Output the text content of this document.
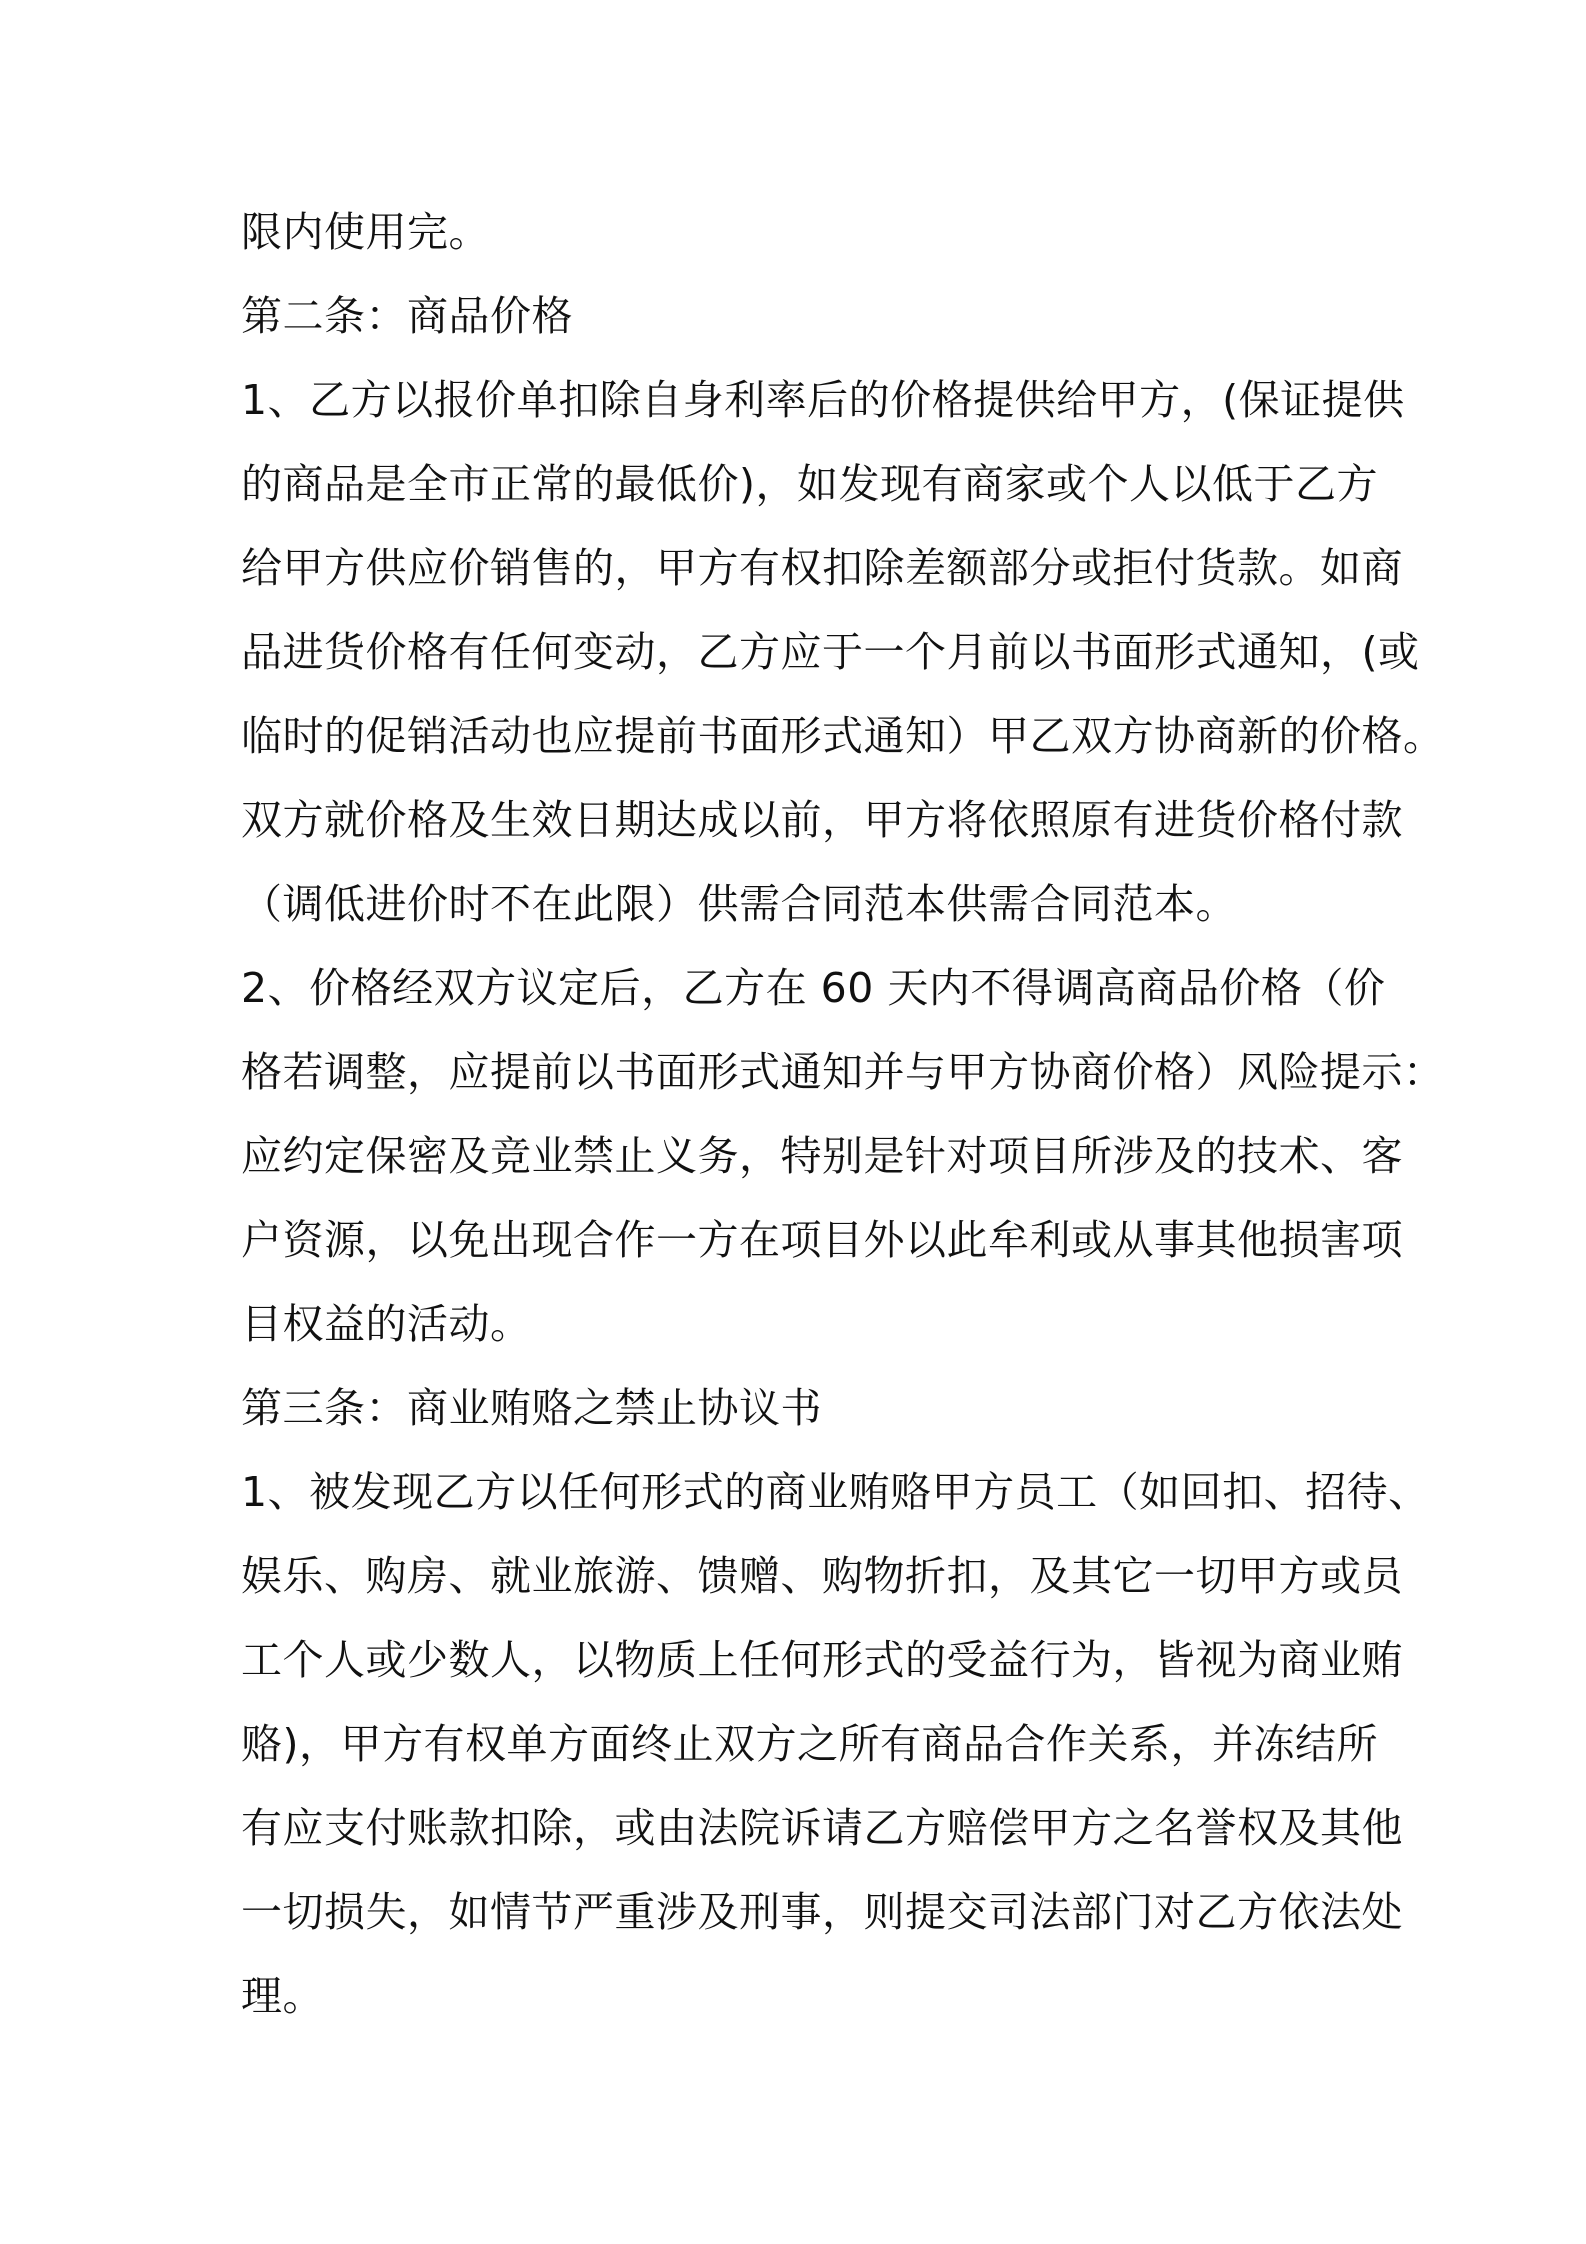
限内使用完。
第二条：商品价格
1、乙方以报价单扣除自身利率后的价格提供给甲方，(保证提供
的商品是全市正常的最低价)，如发现有商家或个人以低于乙方
给甲方供应价销售的，甲方有权扣除差额部分或拒付货款。如商
品进货价格有任何变动，乙方应于一个月前以书面形式通知，(或
临时的促销活动也应提前书面形式通知）甲乙双方协商新的价格。
双方就价格及生效日期达成以前，甲方将依照原有进货价格付款
（调低进价时不在此限）供需合同范本供需合同范本。
2、价格经双方议定后，乙方在 60 天内不得调高商品价格（价
格若调整，应提前以书面形式通知并与甲方协商价格）风险提示：
应约定保密及竞业禁止义务，特别是针对项目所涉及的技术、客
户资源，以免出现合作一方在项目外以此牟利或从事其他损害项
目权益的活动。
第三条：商业贿赂之禁止协议书
1、被发现乙方以任何形式的商业贿赂甲方员工（如回扣、招待、
娱乐、购房、就业旅游、馈赠、购物折扣，及其它一切甲方或员
工个人或少数人，以物质上任何形式的受益行为，皆视为商业贿
赂)，甲方有权单方面终止双方之所有商品合作关系，并冻结所
有应支付账款扣除，或由法院诉请乙方赔偿甲方之名誉权及其他
一切损失，如情节严重涉及刑事，则提交司法部门对乙方依法处
理。
